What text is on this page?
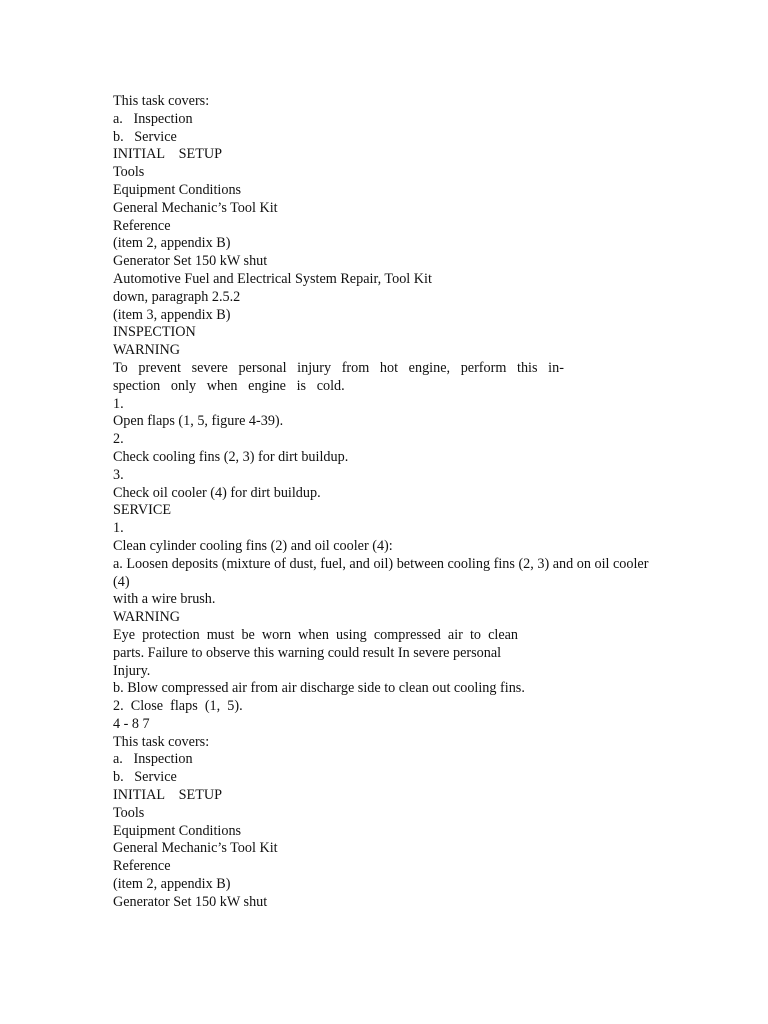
This task covers:
a.   Inspection
b.   Service
INITIAL    SETUP
Tools
Equipment Conditions
General Mechanic’s Tool Kit
Reference
(item 2, appendix B)
Generator Set 150 kW shut
Automotive Fuel and Electrical System Repair, Tool Kit
down, paragraph 2.5.2
(item 3, appendix B)
INSPECTION
WARNING
To   prevent   severe   personal   injury   from   hot   engine,   perform   this   in-
spection   only   when   engine   is   cold.
1.
Open flaps (1, 5, figure 4-39).
2.
Check cooling fins (2, 3) for dirt buildup.
3.
Check oil cooler (4) for dirt buildup.
SERVICE
1.
Clean cylinder cooling fins (2) and oil cooler (4):
a. Loosen deposits (mixture of dust, fuel, and oil) between cooling fins (2, 3) and on oil cooler (4)
with a wire brush.
WARNING
Eye  protection  must  be  worn  when  using  compressed  air  to  clean
parts. Failure to observe this warning could result In severe personal
Injury.
b. Blow compressed air from air discharge side to clean out cooling fins.
2.  Close  flaps  (1,  5).
4 - 8 7
This task covers:
a.   Inspection
b.   Service
INITIAL    SETUP
Tools
Equipment Conditions
General Mechanic’s Tool Kit
Reference
(item 2, appendix B)
Generator Set 150 kW shut
